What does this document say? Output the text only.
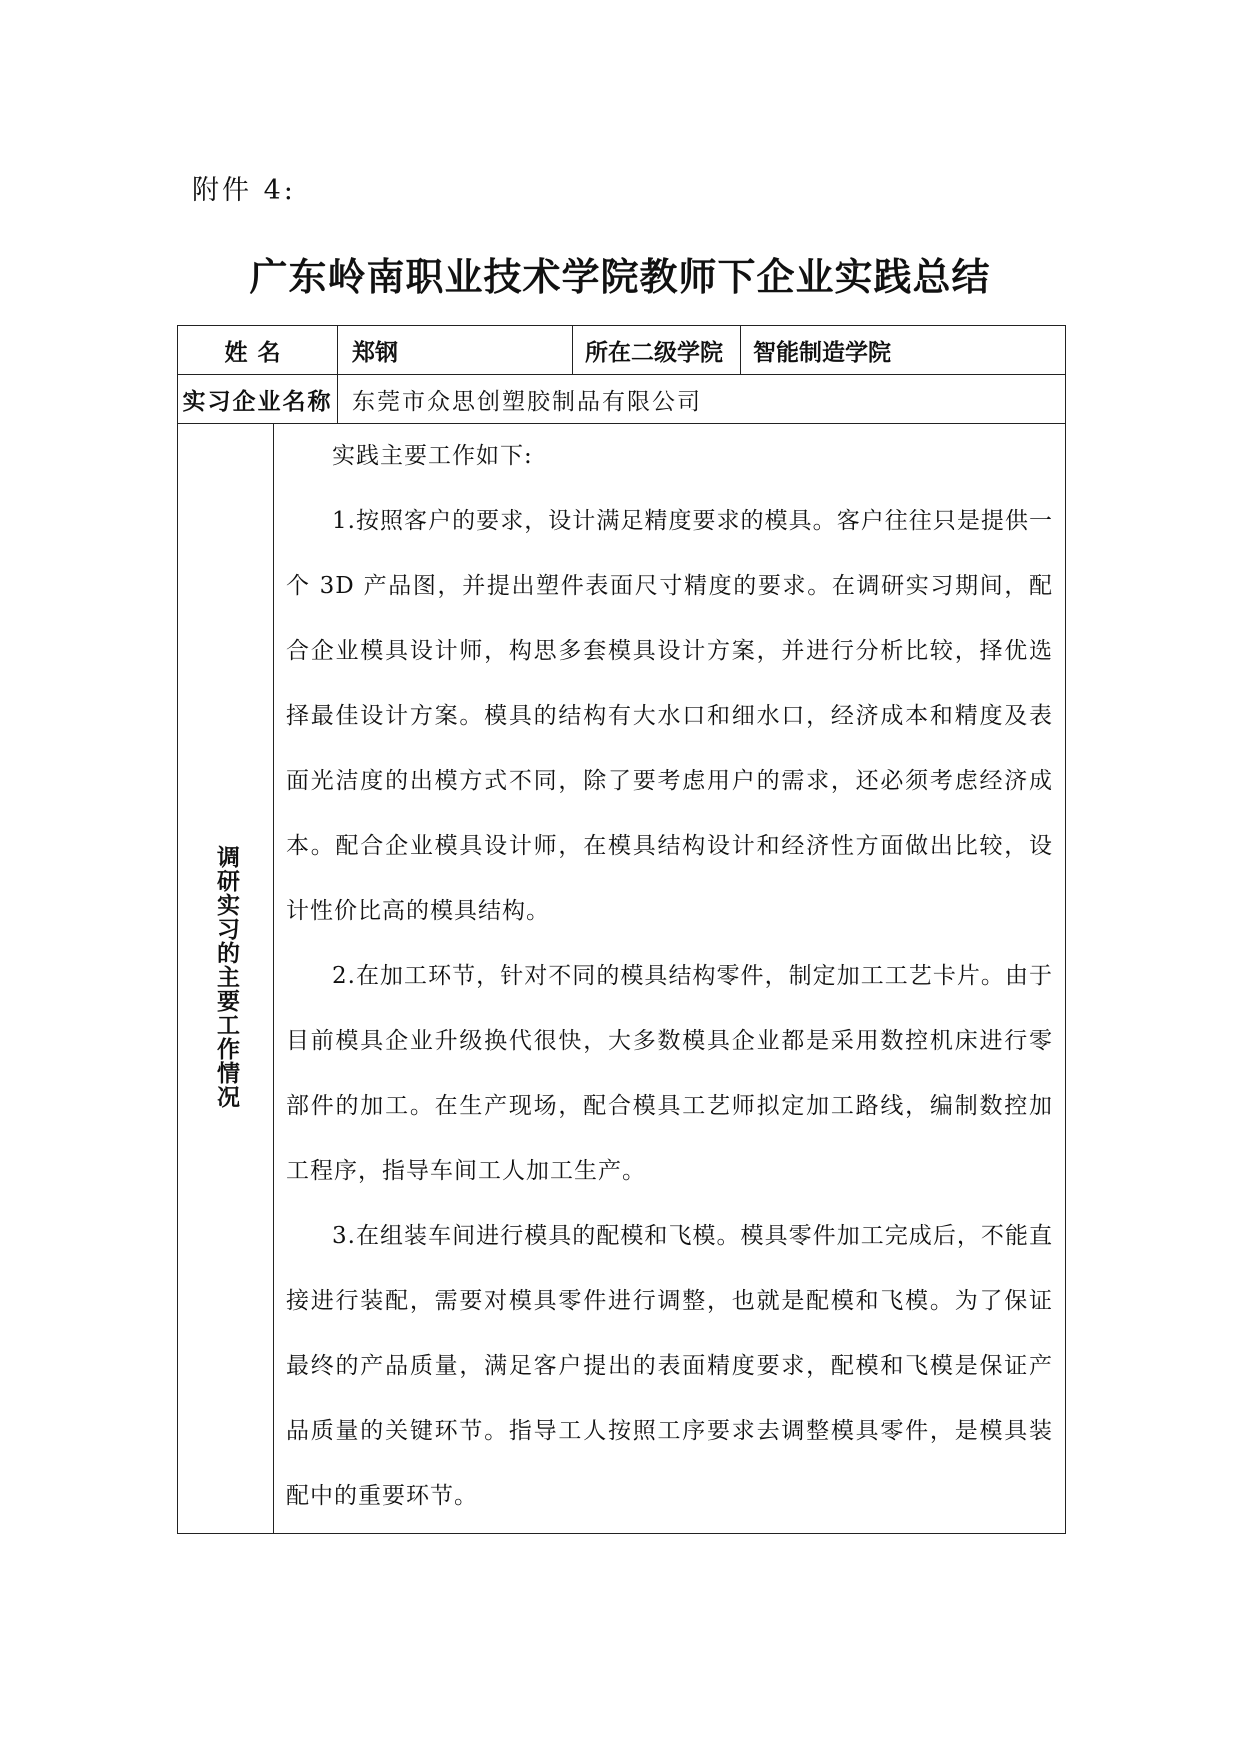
附件 4:
广东岭南职业技术学院教师下企业实践总结
姓名		郑钢	所在二级学院	智能制造学院
实习企业名称		东莞市众思创塑胶制品有限公司		
调研实习的主要工作情况	实践主要工作如下:

1.按照客户的要求，设计满足精度要求的模具。客户往往只是提供一个 3D 产品图，并提出塑件表面尺寸精度的要求。在调研实习期间，配合企业模具设计师，构思多套模具设计方案，并进行分析比较，择优选择最佳设计方案。模具的结构有大水口和细水口，经济成本和精度及表面光洁度的出模方式不同，除了要考虑用户的需求，还必须考虑经济成本。配合企业模具设计师，在模具结构设计和经济性方面做出比较，设计性价比高的模具结构。

2.在加工环节，针对不同的模具结构零件，制定加工工艺卡片。由于目前模具企业升级换代很快，大多数模具企业都是采用数控机床进行零部件的加工。在生产现场，配合模具工艺师拟定加工路线，编制数控加工程序，指导车间工人加工生产。

3.在组装车间进行模具的配模和飞模。模具零件加工完成后，不能直接进行装配，需要对模具零件进行调整，也就是配模和飞模。为了保证最终的产品质量，满足客户提出的表面精度要求，配模和飞模是保证产品质量的关键环节。指导工人按照工序要求去调整模具零件，是模具装配中的重要环节。			
